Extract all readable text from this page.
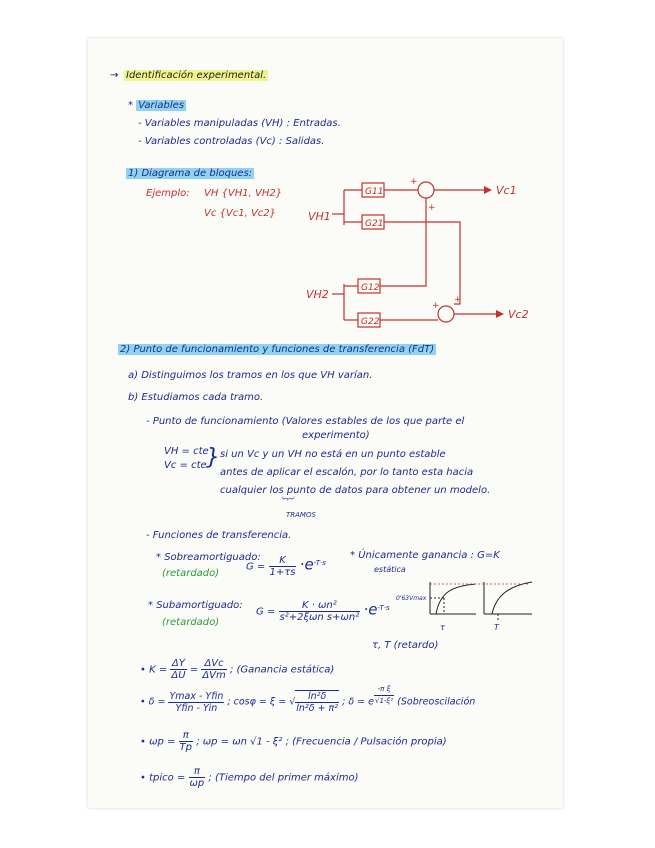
→ Identificación experimental.
* Variables
- Variables manipuladas (VH) : Entradas.
- Variables controladas (Vc) : Salidas.
1) Diagrama de bloques:
Ejemplo: VH {VH1, VH2}
Vc {Vc1, Vc2}
G11
G21
G12
G22
VH1
VH2
Vc1
Vc2
+
+
+
+
2) Punto de funcionamiento y funciones de transferencia (FdT)
a) Distinguimos los tramos en los que VH varían.
b) Estudiamos cada tramo.
- Punto de funcionamiento (Valores estables de los que parte el
experimento)
VH = cte
Vc = cte } si un Vc y un VH no está en un punto estable
antes de aplicar el escalón, por lo tanto esta hacia
cualquier los punto de datos para obtener un modelo.
︸
TRAMOS
- Funciones de transferencia.
* Sobreamortiguado:
(retardado)
$G = \frac{K}{1+\tau s} \cdot e^{-T\cdot s}$
* Únicamente ganancia : G=K
estática
* Subamortiguado:
(retardado)
$G = \frac{\text{K · ωn²}}{\text{s²+2ξωn s+ωn²}} \cdot e^{-T\cdot s}$
0'63Vmax
τ	T
τ, T (retardo)
• $K = \frac{\Delta Y}{\Delta U} = \frac{\text{ΔVc}}{\text{ΔVm}}$ ; (Ganancia estática)
• $\delta = \frac{\text{Ymax - Yfin}}{\text{Yfin - Yin}}$ ; cosφ = ξ = √ $\frac{\text{ln²δ}}{\text{ln²δ + π²}}$ ; δ = e $\frac{\text{-π ξ}}{\text{√1-ξ²}}$ (Sobreoscilación
• $\omega p = \frac{\pi}{Tp}$ ; ωp = ωn √1 - ξ² ; (Frecuencia / Pulsación propia)
• tpico = $\frac{\pi}{\omega p}$ ; (Tiempo del primer máximo)
